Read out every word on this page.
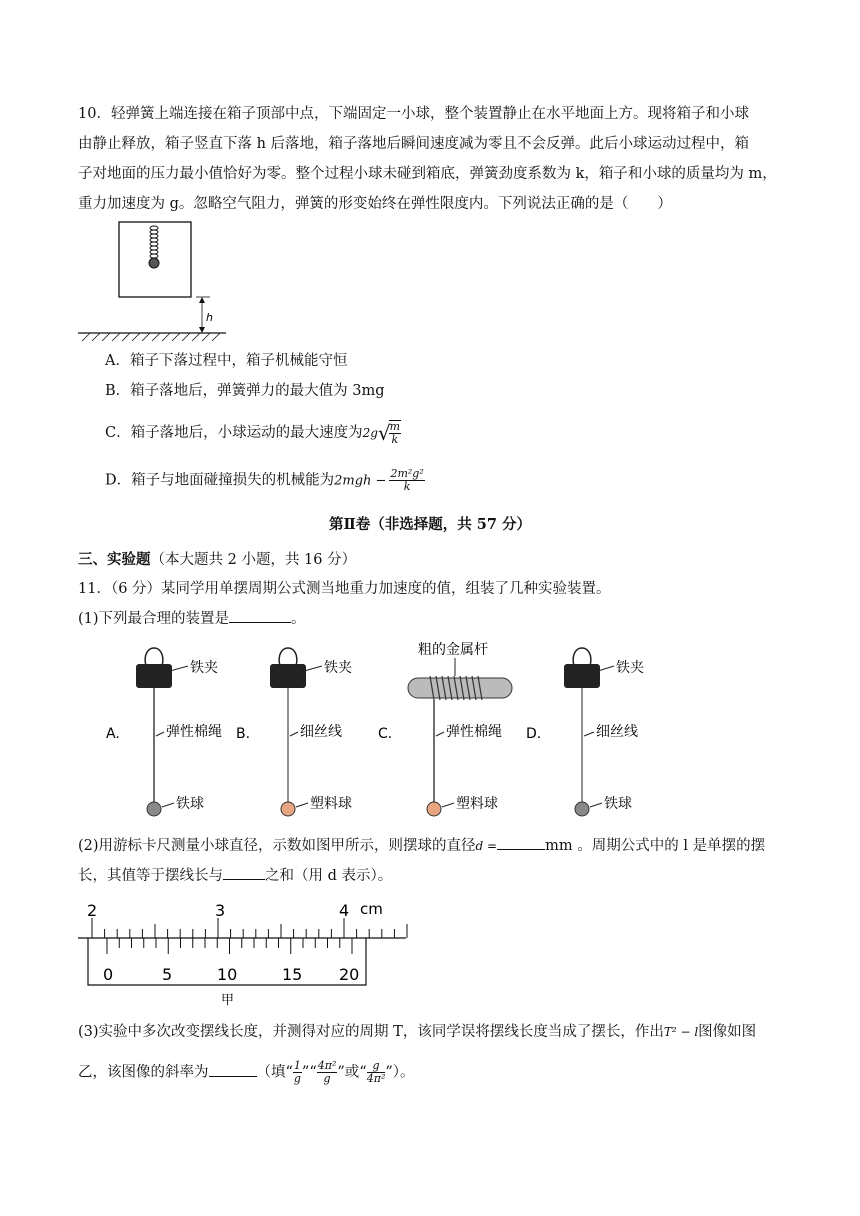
10．轻弹簧上端连接在箱子顶部中点，下端固定一小球，整个装置静止在水平地面上方。现将箱子和小球
由静止释放，箱子竖直下落 h 后落地，箱子落地后瞬间速度减为零且不会反弹。此后小球运动过程中，箱
子对地面的压力最小值恰好为零。整个过程小球未碰到箱底，弹簧劲度系数为 k，箱子和小球的质量均为 m，
重力加速度为 g。忽略空气阻力，弹簧的形变始终在弹性限度内。下列说法正确的是（　　）
h
A．箱子下落过程中，箱子机械能守恒
B．箱子落地后，弹簧弹力的最大值为 3mg
C．箱子落地后，小球运动的最大速度为2g√
$\frac{m}{k}$
D．箱子与地面碰撞损失的机械能为$2mgh - \frac{\text{2m²g²}}{k}$
第Ⅱ卷（非选择题，共 57 分）
三、实验题（本大题共 2 小题，共 16 分）
11．（6 分）某同学用单摆周期公式测当地重力加速度的值，组装了几种实验装置。
(1)下列最合理的装置是	。
铁夹
弹性棉绳
铁球
A.
铁夹
细丝线
塑料球
B.
粗的金属杆
弹性棉绳
塑料球
C.
铁夹
细丝线
铁球
D.
(2)用游标卡尺测量小球直径，示数如图甲所示，则摆球的直径d =	mm 。周期公式中的 l 是单摆的摆
长，其值等于摆线长与	之和（用 d 表示）。
2	3	4 cm
0	5	10	15 20
甲
(3)实验中多次改变摆线长度，并测得对应的周期 T，该同学误将摆线长度当成了摆长，作出T² − l图像如图
乙，该图像的斜率为	（填“ $\frac{1}{g}$ ”“ $\frac{\text{4π²}}{g}$ ”或“ $\frac{g}{\text{4π²}}$ ”）。
